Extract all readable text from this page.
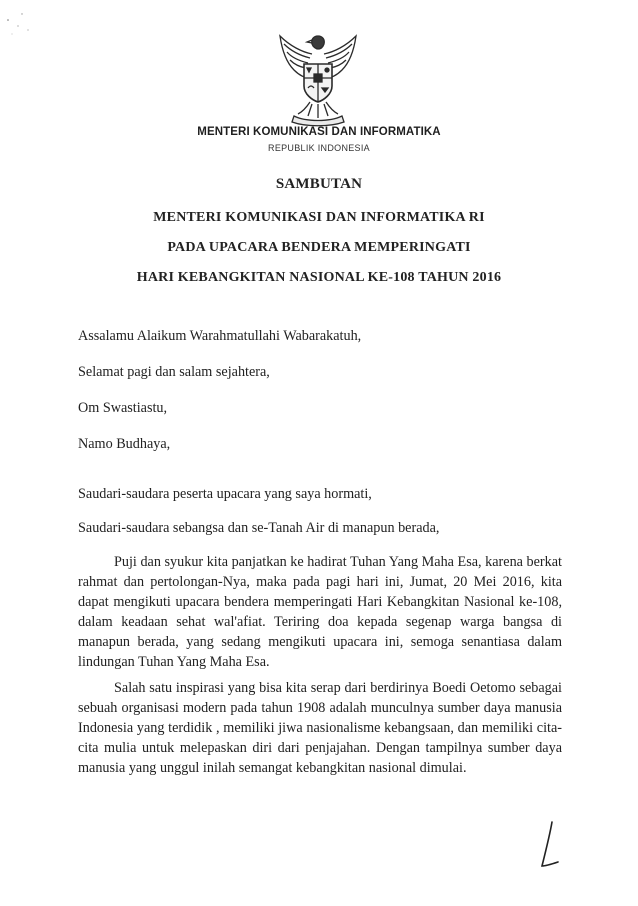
MENTERI KOMUNIKASI DAN INFORMATIKA
REPUBLIK INDONESIA
SAMBUTAN
MENTERI KOMUNIKASI DAN INFORMATIKA RI
PADA UPACARA BENDERA MEMPERINGATI
HARI KEBANGKITAN NASIONAL KE-108 TAHUN 2016
Assalamu Alaikum Warahmatullahi Wabarakatuh,
Selamat pagi dan salam sejahtera,
Om Swastiastu,
Namo Budhaya,
Saudari-saudara peserta upacara yang saya hormati,
Saudari-saudara sebangsa dan se-Tanah Air di manapun berada,

Puji dan syukur kita panjatkan ke hadirat Tuhan Yang Maha Esa, karena berkat rahmat dan pertolongan-Nya, maka pada pagi hari ini, Jumat, 20 Mei 2016, kita dapat mengikuti upacara bendera memperingati Hari Kebangkitan Nasional ke-108, dalam keadaan sehat wal'afiat. Teriring doa kepada segenap warga bangsa di manapun berada, yang sedang mengikuti upacara ini, semoga senantiasa dalam lindungan Tuhan Yang Maha Esa.

Salah satu inspirasi yang bisa kita serap dari berdirinya Boedi Oetomo sebagai sebuah organisasi modern pada tahun 1908 adalah munculnya sumber daya manusia Indonesia yang terdidik , memiliki jiwa nasionalisme kebangsaan, dan memiliki cita-cita mulia untuk melepaskan diri dari penjajahan. Dengan tampilnya sumber daya manusia yang unggul inilah semangat kebangkitan nasional dimulai.
